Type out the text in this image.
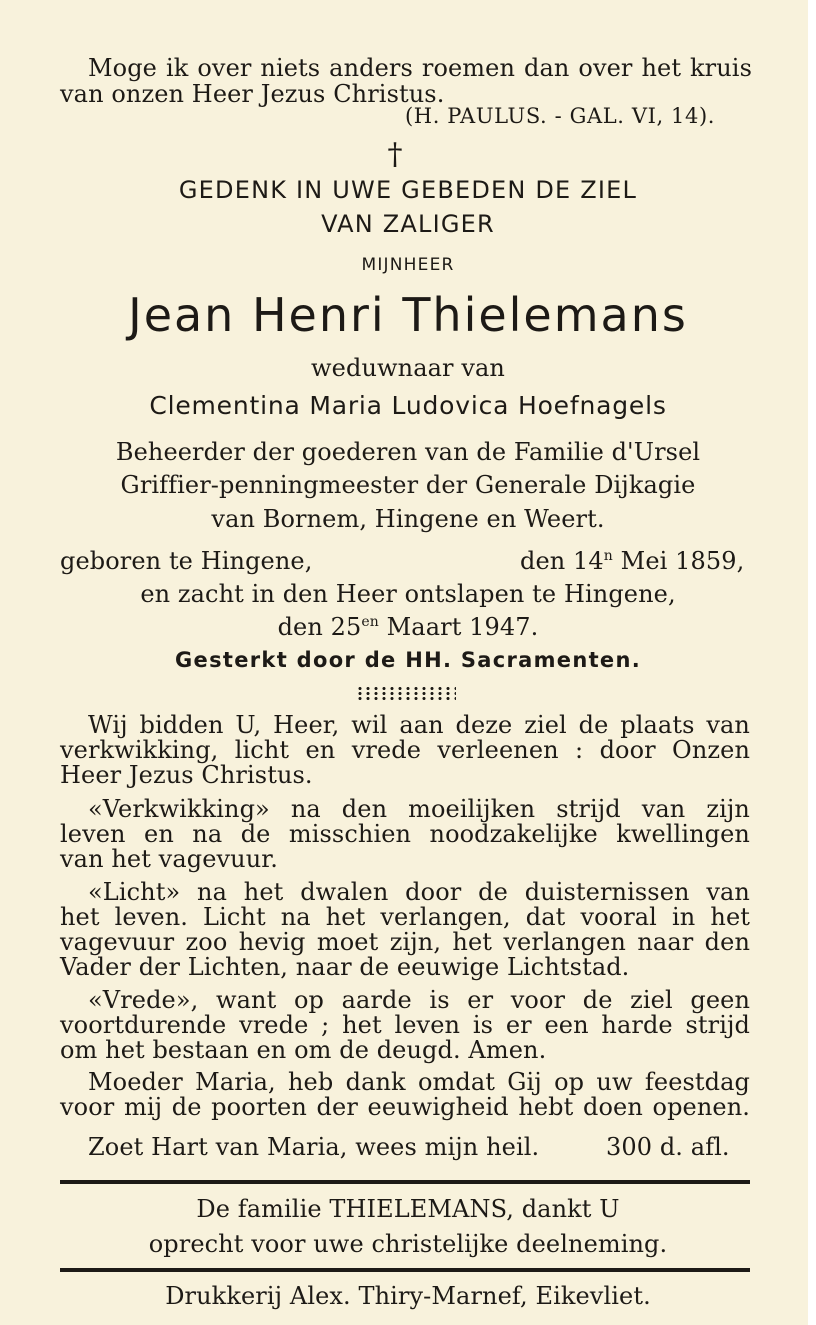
Moge ik over niets anders roemen dan over het kruis
van onzen Heer Jezus Christus.
(H. PAULUS. - GAL. VI, 14).
†
GEDENK IN UWE GEBEDEN DE ZIEL
VAN ZALIGER
MIJNHEER
Jean Henri Thielemans
weduwnaar van
Clementina Maria Ludovica Hoefnagels
Beheerder der goederen van de Familie d'Ursel
Griffier-penningmeester der Generale Dijkagie
van Bornem, Hingene en Weert.
geboren te Hingene,	den 14$^n$ Mei 1859,
en zacht in den Heer ontslapen te Hingene,
den $25^{en}$ Maart 1947.
Gesterkt door de HH. Sacramenten.
Wij bidden U, Heer, wil aan deze ziel de plaats van
verkwikking, licht en vrede verleenen : door Onzen
Heer Jezus Christus.
«Verkwikking» na den moeilijken strijd van zijn
leven en na de misschien noodzakelijke kwellingen
van het vagevuur.
«Licht» na het dwalen door de duisternissen van
het leven. Licht na het verlangen, dat vooral in het
vagevuur zoo hevig moet zijn, het verlangen naar den
Vader der Lichten, naar de eeuwige Lichtstad.
«Vrede», want op aarde is er voor de ziel geen
voortdurende vrede ; het leven is er een harde strijd
om het bestaan en om de deugd. Amen.
Moeder Maria, heb dank omdat Gij op uw feestdag
voor mij de poorten der eeuwigheid hebt doen openen.
Zoet Hart van Maria, wees mijn heil.	300 d. afl.
De familie THIELEMANS, dankt U
oprecht voor uwe christelijke deelneming.
Drukkerij Alex. Thiry-Marnef, Eikevliet.
